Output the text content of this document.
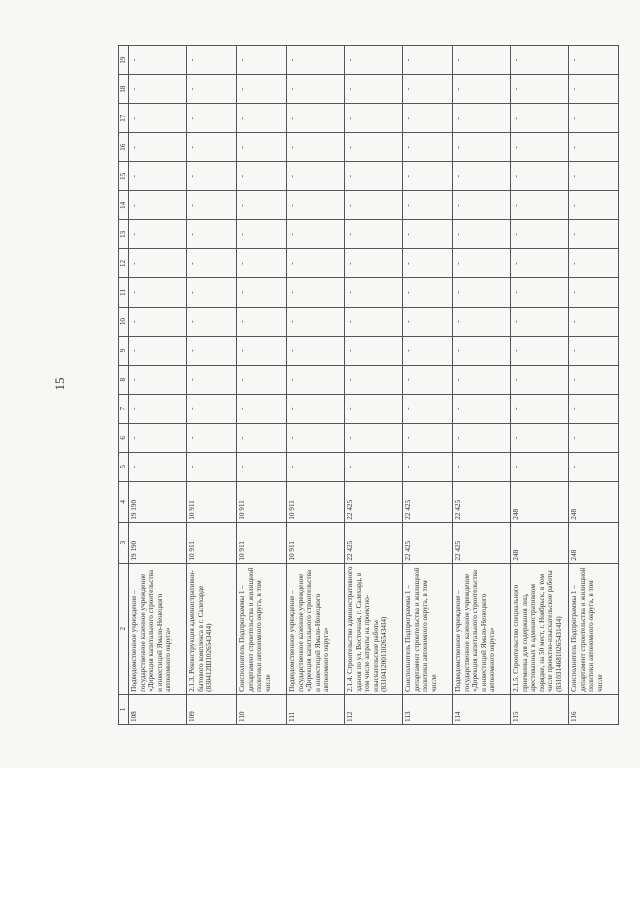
15
1	2	3	4	5	6	7	8	9	10	11	12	13	14	15	16	17	18	19
108	Подведомственное учреждение – государственное казенное учреждение «Дирекция капитального строительства и инвестиций Ямало-Ненецкого автономного округа»	19 190	19 190	-	-	-	-	-	-	-	-	-	-	-	-	-	-	-
109	2.1.3. Реконструкция административно-бытового комплекса в г. Салехарде (830412Ш10265434I4)	10 911	10 911	-	-	-	-	-	-	-	-	-	-	-	-	-	-	-
110	Соисполнитель Подпрограммы 1 – департамент строительства и жилищной политики автономного округа, в том числе	10 911	10 911	-	-	-	-	-	-	-	-	-	-	-	-	-	-	-
111	Подведомственное учреждение – государственное казенное учреждение «Дирекция капитального строительства и инвестиций Ямало-Ненецкого автономного округа»	10 911	10 911	-	-	-	-	-	-	-	-	-	-	-	-	-	-	-
112	2.1.4. Строительство административного здания по ул. Восточная, г. Салехард, в том числе затраты на проектно-изыскательские работы (831041200110265434I4)	22 425	22 425	-	-	-	-	-	-	-	-	-	-	-	-	-	-	-
113	Соисполнитель Подпрограммы 1 – департамент строительства и жилищной политики автономного округа, в том числе	22 425	22 425	-	-	-	-	-	-	-	-	-	-	-	-	-	-	-
114	Подведомственное учреждение – государственное казенное учреждение «Дирекция капитального строительства и инвестиций Ямало-Ненецкого автономного округа»	22 425	22 425	-	-	-	-	-	-	-	-	-	-	-	-	-	-	-
115	2.1.5. Строительство специального приемника для содержания лиц, арестованных в административном порядке, на 50 мест, г. Ноябрьск, в том числе проектно-изыскательские работы (831031468102654314I4)	248	248	-	-	-	-	-	-	-	-	-	-	-	-	-	-	-
116	Соисполнитель Подпрограммы 1 – департамент строительства и жилищной политики автономного округа, в том числе	248	248	-	-	-	-	-	-	-	-	-	-	-	-	-	-	-
